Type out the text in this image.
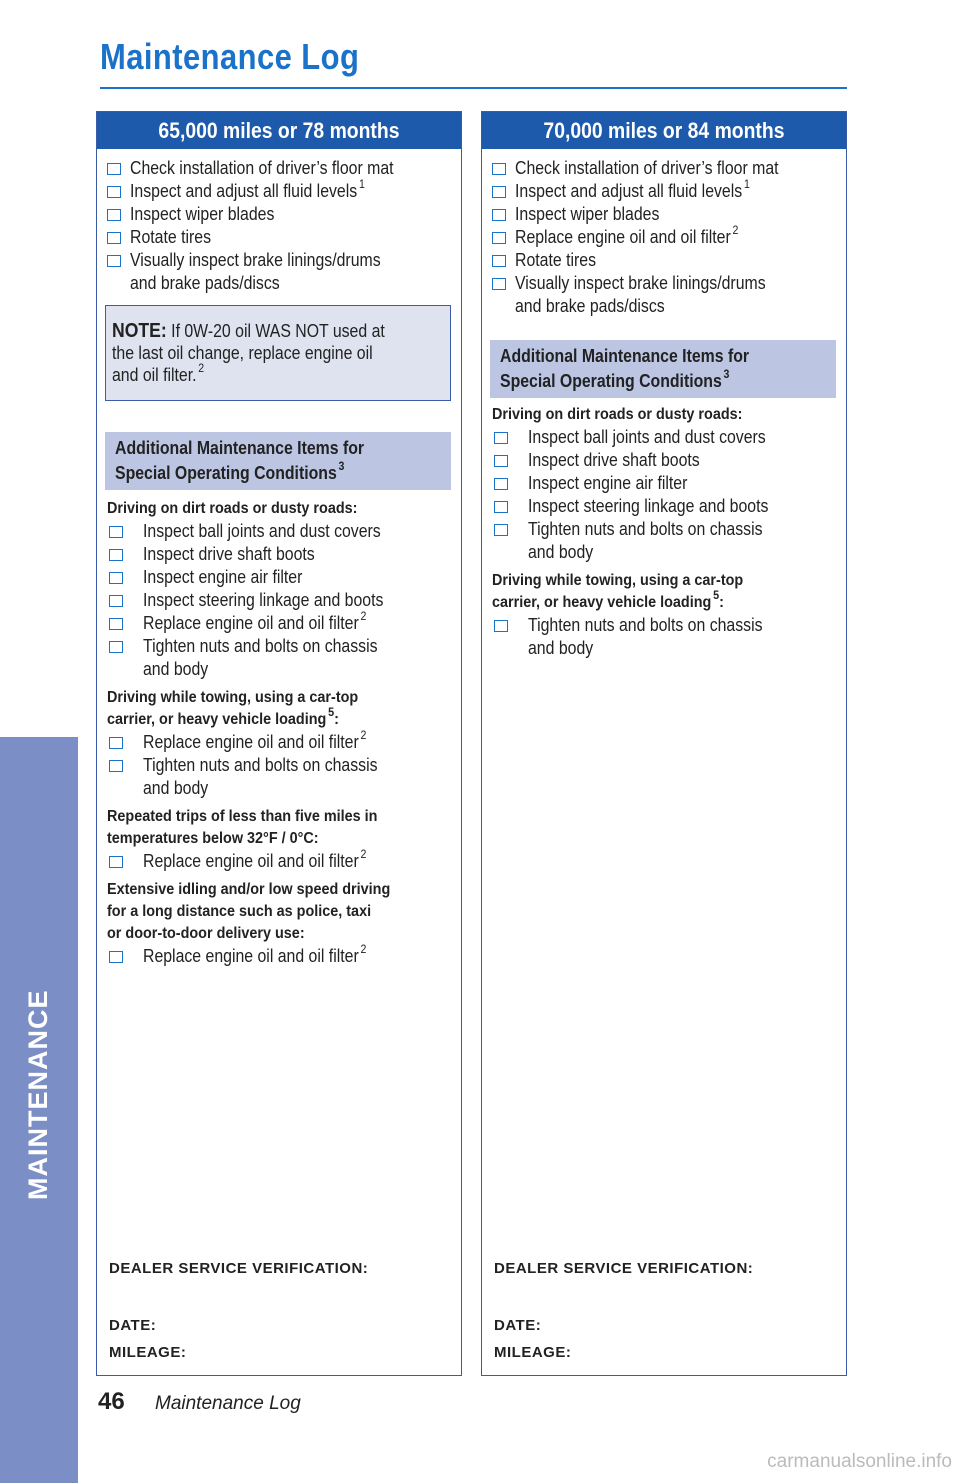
Maintenance Log
MAINTENANCE
65,000 miles or 78 months
Check installation of driver’s floor mat
Inspect and adjust all fluid levels $^1$
Inspect wiper blades
Rotate tires
Visually inspect brake linings/drumsand brake pads/discs
NOTE: If 0W-20 oil WAS NOT used at
the last oil change, replace engine oil
and oil filter. $^2$
Additional Maintenance Items for
Special Operating Conditions $^3$
Driving on dirt roads or dusty roads:
Inspect ball joints and dust covers
Inspect drive shaft boots
Inspect engine air filter
Inspect steering linkage and boots
Replace engine oil and oil filter $^2$
Tighten nuts and bolts on chassisand body
Driving while towing, using a car-top
carrier, or heavy vehicle loading $^5$:
Replace engine oil and oil filter $^2$
Tighten nuts and bolts on chassisand body
Repeated trips of less than five miles in
temperatures below 32°F / 0°C:
Replace engine oil and oil filter $^2$
Extensive idling and/or low speed driving
for a long distance such as police, taxi
or door-to-door delivery use:
Replace engine oil and oil filter $^2$
DEALER SERVICE VERIFICATION:
DATE:
MILEAGE:
70,000 miles or 84 months
Check installation of driver’s floor mat
Inspect and adjust all fluid levels $^1$
Inspect wiper blades
Replace engine oil and oil filter $^2$
Rotate tires
Visually inspect brake linings/drumsand brake pads/discs
Additional Maintenance Items for
Special Operating Conditions $^3$
Driving on dirt roads or dusty roads:
Inspect ball joints and dust covers
Inspect drive shaft boots
Inspect engine air filter
Inspect steering linkage and boots
Tighten nuts and bolts on chassisand body
Driving while towing, using a car-top
carrier, or heavy vehicle loading $^5$:
Tighten nuts and bolts on chassisand body
DEALER SERVICE VERIFICATION:
DATE:
MILEAGE:
46 Maintenance Log
carmanualsonline.info
